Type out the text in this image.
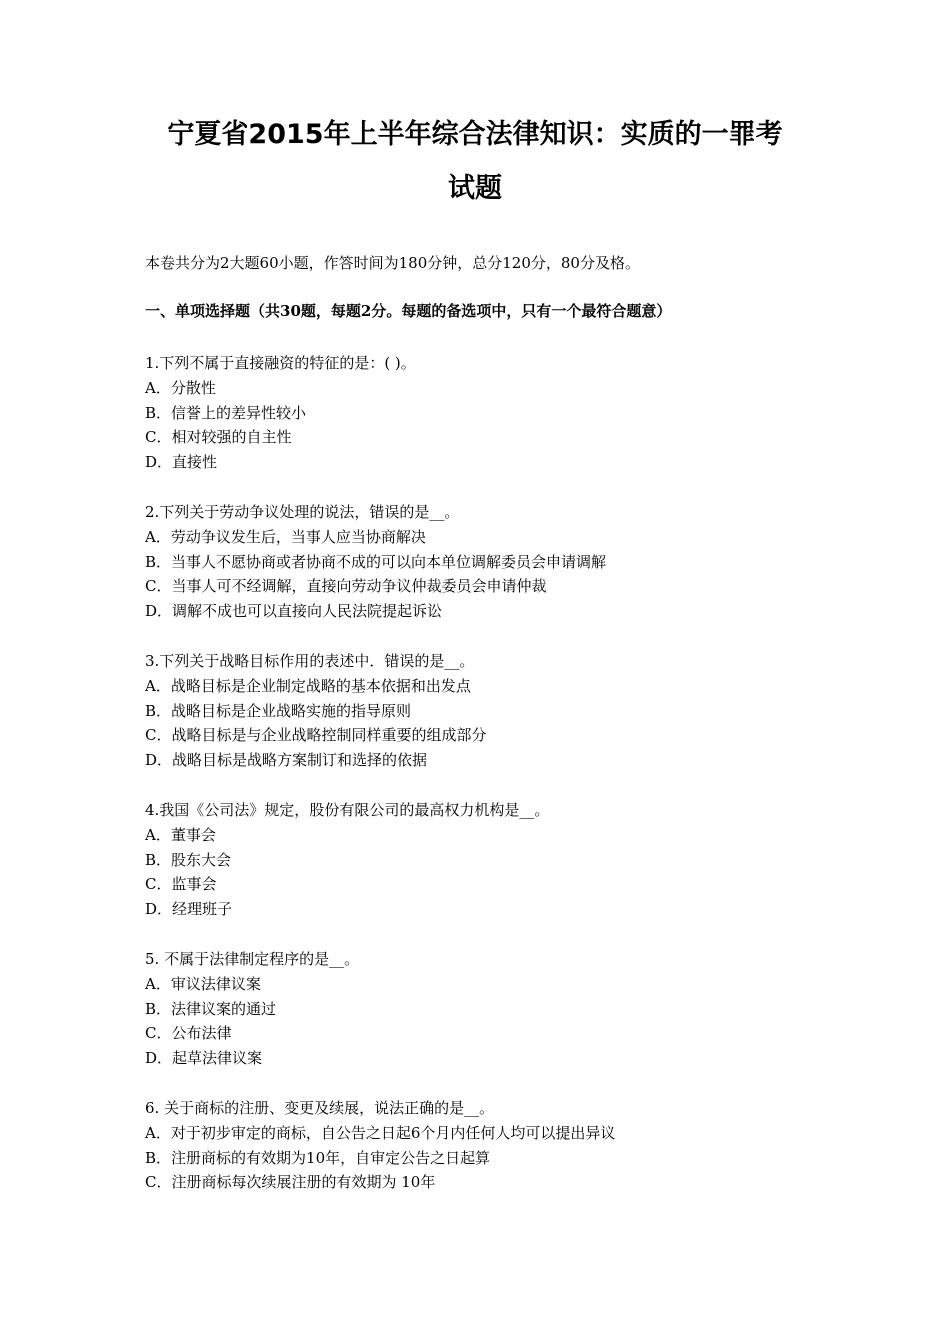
宁夏省2015年上半年综合法律知识：实质的一罪考
试题

本卷共分为2大题60小题，作答时间为180分钟，总分120分，80分及格。

一、单项选择题（共30题，每题2分。每题的备选项中，只有一个最符合题意）

1.下列不属于直接融资的特征的是：( )。

A．分散性

B．信誉上的差异性较小

C．相对较强的自主性

D．直接性

2.下列关于劳动争议处理的说法，错误的是__。

A．劳动争议发生后，当事人应当协商解决

B．当事人不愿协商或者协商不成的可以向本单位调解委员会申请调解

C．当事人可不经调解，直接向劳动争议仲裁委员会申请仲裁

D．调解不成也可以直接向人民法院提起诉讼

3.下列关于战略目标作用的表述中．错误的是__。

A．战略目标是企业制定战略的基本依据和出发点

B．战略目标是企业战略实施的指导原则

C．战略目标是与企业战略控制同样重要的组成部分

D．战略目标是战略方案制订和选择的依据

4.我国《公司法》规定，股份有限公司的最高权力机构是__。

A．董事会

B．股东大会

C．监事会

D．经理班子

5. 不属于法律制定程序的是__。

A．审议法律议案

B．法律议案的通过

C．公布法律

D．起草法律议案

6. 关于商标的注册、变更及续展，说法正确的是__。

A．对于初步审定的商标，自公告之日起6个月内任何人均可以提出异议

B．注册商标的有效期为10年，自审定公告之日起算

C．注册商标每次续展注册的有效期为 10年
